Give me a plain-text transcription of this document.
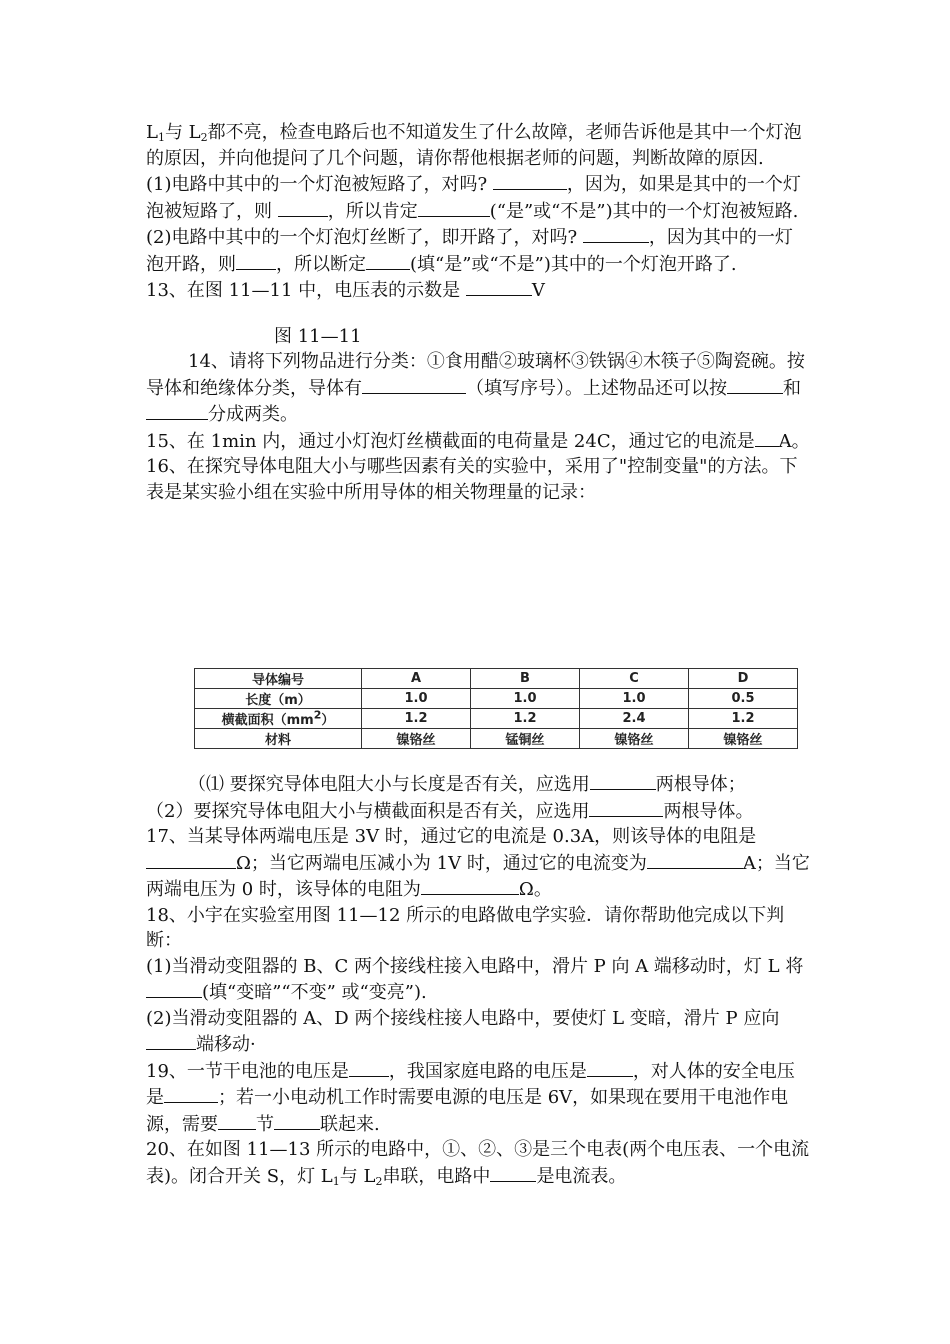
$L_1$与 $L_2$都不亮，检查电路后也不知道发生了什么故障，老师告诉他是其中一个灯泡的原因，并向他提问了几个问题，请你帮他根据老师的问题，判断故障的原因.

(1)电路中其中的一个灯泡被短路了，对吗?	，因为，如果是其中的一个灯泡被短路了，则	，所以肯定	(“是”或“不是”)其中的一个灯泡被短路.

(2)电路中其中的一个灯泡灯丝断了，即开路了，对吗?	，因为其中的一灯泡开路，则 ，所以断定 (填“是”或“不是”)其中的一个灯泡开路了.

13、在图 11—11 中，电压表的示数是	V

图 11—11

14、请将下列物品进行分类：①食用醋②玻璃杯③铁锅④木筷子⑤陶瓷碗。按导体和绝缘体分类，导体有	（填写序号）。上述物品还可以按	和分成两类。

15、在 1min 内，通过小灯泡灯丝横截面的电荷量是 24C，通过它的电流是 A。

16、在探究导体电阻大小与哪些因素有关的实验中，采用了"控制变量"的方法。下表是某实验小组在实验中所用导体的相关物理量的记录：

导体编号	A	B	C	D
长度（m）	1.0	1.0	1.0	0.5
横截面积$(mm^2)$	1.2	1.2	2.4	1.2
材料	镍铬丝	锰铜丝	镍铬丝	镍铬丝

（⑴ 要探究导体电阻大小与长度是否有关，应选用	两根导体；

（2）要探究导体电阻大小与横截面积是否有关，应选用	两根导体。

17、当某导体两端电压是 3V 时，通过它的电流是 0.3A，则该导体的电阻是Ω；当它两端电压减小为 1V 时，通过它的电流变为	A；当它两端电压为 0 时，该导体的电阻为	Ω。

18、小宇在实验室用图 11—12 所示的电路做电学实验．请你帮助他完成以下判断：

(1)当滑动变阻器的 B、C 两个接线柱接入电路中，滑片 P 向 A 端移动时，灯 L 将(填“变暗”“不变” 或“变亮”).

(2)当滑动变阻器的 A、D 两个接线柱接人电路中，要使灯 L 变暗，滑片 P 应向端移动·

19、一节干电池的电压是 ，我国家庭电路的电压是	，对人体的安全电压是	；若一小电动机工作时需要电源的电压是 6V，如果现在要用干电池作电源，需要 节	联起来.

20、在如图 11—13 所示的电路中，①、②、③是三个电表(两个电压表、一个电流表)。闭合开关 S，灯 $L_1$与 $L_2$串联，电路中	是电流表。
